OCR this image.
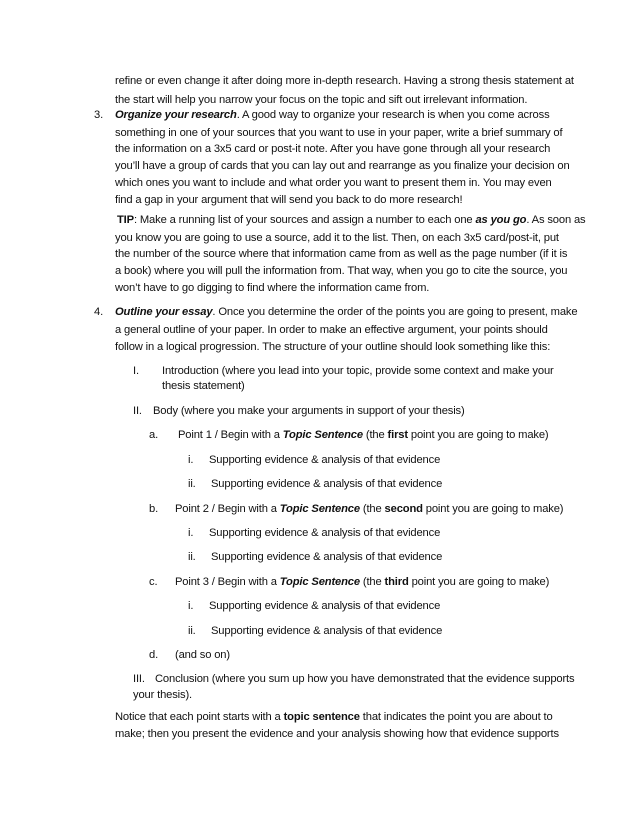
refine or even change it after doing more in-depth research. Having a strong thesis statement at
the start will help you narrow your focus on the topic and sift out irrelevant information.
3. Organize your research. A good way to organize your research is when you come across
something in one of your sources that you want to use in your paper, write a brief summary of
the information on a 3x5 card or post-it note. After you have gone through all your research
you’ll have a group of cards that you can lay out and rearrange as you finalize your decision on
which ones you want to include and what order you want to present them in. You may even
find a gap in your argument that will send you back to do more research!
TIP: Make a running list of your sources and assign a number to each one as you go. As soon as
you know you are going to use a source, add it to the list. Then, on each 3x5 card/post-it, put
the number of the source where that information came from as well as the page number (if it is
a book) where you will pull the information from. That way, when you go to cite the source, you
won’t have to go digging to find where the information came from.
4. Outline your essay. Once you determine the order of the points you are going to present, make
a general outline of your paper. In order to make an effective argument, your points should
follow in a logical progression. The structure of your outline should look something like this:
I. Introduction (where you lead into your topic, provide some context and make your
thesis statement)
II. Body (where you make your arguments in support of your thesis)
a. Point 1 / Begin with a Topic Sentence (the first point you are going to make)
i. Supporting evidence & analysis of that evidence
ii. Supporting evidence & analysis of that evidence
b. Point 2 / Begin with a Topic Sentence (the second point you are going to make)
i. Supporting evidence & analysis of that evidence
ii. Supporting evidence & analysis of that evidence
c. Point 3 / Begin with a Topic Sentence (the third point you are going to make)
i. Supporting evidence & analysis of that evidence
ii. Supporting evidence & analysis of that evidence
d. (and so on)
III. Conclusion (where you sum up how you have demonstrated that the evidence supports
your thesis).
Notice that each point starts with a topic sentence that indicates the point you are about to
make; then you present the evidence and your analysis showing how that evidence supports
